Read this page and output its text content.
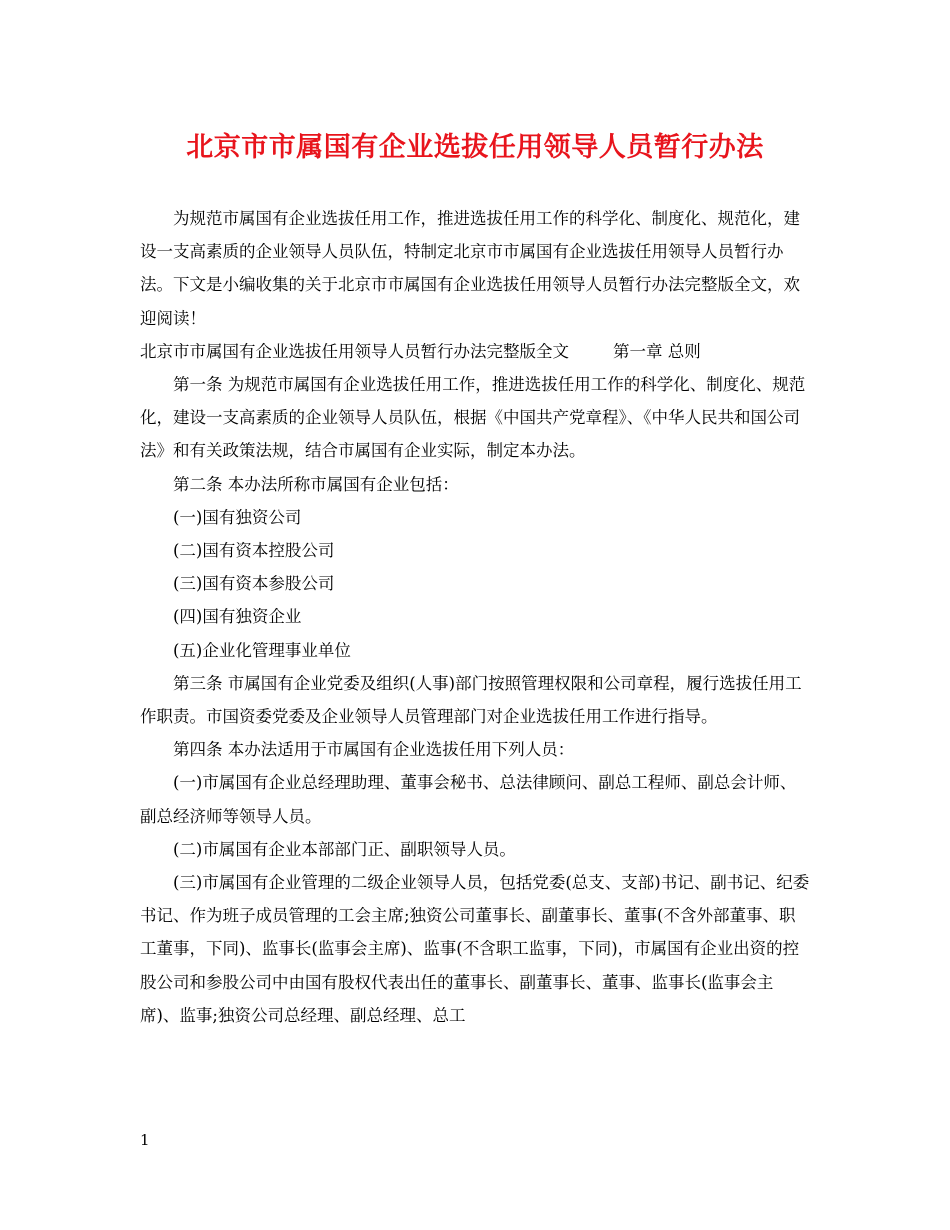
北京市市属国有企业选拔任用领导人员暂行办法

为规范市属国有企业选拔任用工作，推进选拔任用工作的科学化、制度化、规范化，建设一支高素质的企业领导人员队伍，特制定北京市市属国有企业选拔任用领导人员暂行办法。下文是小编收集的关于北京市市属国有企业选拔任用领导人员暂行办法完整版全文，欢迎阅读！

北京市市属国有企业选拔任用领导人员暂行办法完整版全文	第一章 总则

第一条 为规范市属国有企业选拔任用工作，推进选拔任用工作的科学化、制度化、规范化，建设一支高素质的企业领导人员队伍，根据《中国共产党章程》、《中华人民共和国公司法》和有关政策法规，结合市属国有企业实际，制定本办法。

第二条 本办法所称市属国有企业包括：

(一)国有独资公司

(二)国有资本控股公司

(三)国有资本参股公司

(四)国有独资企业

(五)企业化管理事业单位

第三条 市属国有企业党委及组织(人事)部门按照管理权限和公司章程，履行选拔任用工作职责。市国资委党委及企业领导人员管理部门对企业选拔任用工作进行指导。

第四条 本办法适用于市属国有企业选拔任用下列人员：

(一)市属国有企业总经理助理、董事会秘书、总法律顾问、副总工程师、副总会计师、副总经济师等领导人员。

(二)市属国有企业本部部门正、副职领导人员。

(三)市属国有企业管理的二级企业领导人员，包括党委(总支、支部)书记、副书记、纪委书记、作为班子成员管理的工会主席;独资公司董事长、副董事长、董事(不含外部董事、职工董事，下同)、监事长(监事会主席)、监事(不含职工监事，下同)，市属国有企业出资的控股公司和参股公司中由国有股权代表出任的董事长、副董事长、董事、监事长(监事会主席)、监事;独资公司总经理、副总经理、总工

1
